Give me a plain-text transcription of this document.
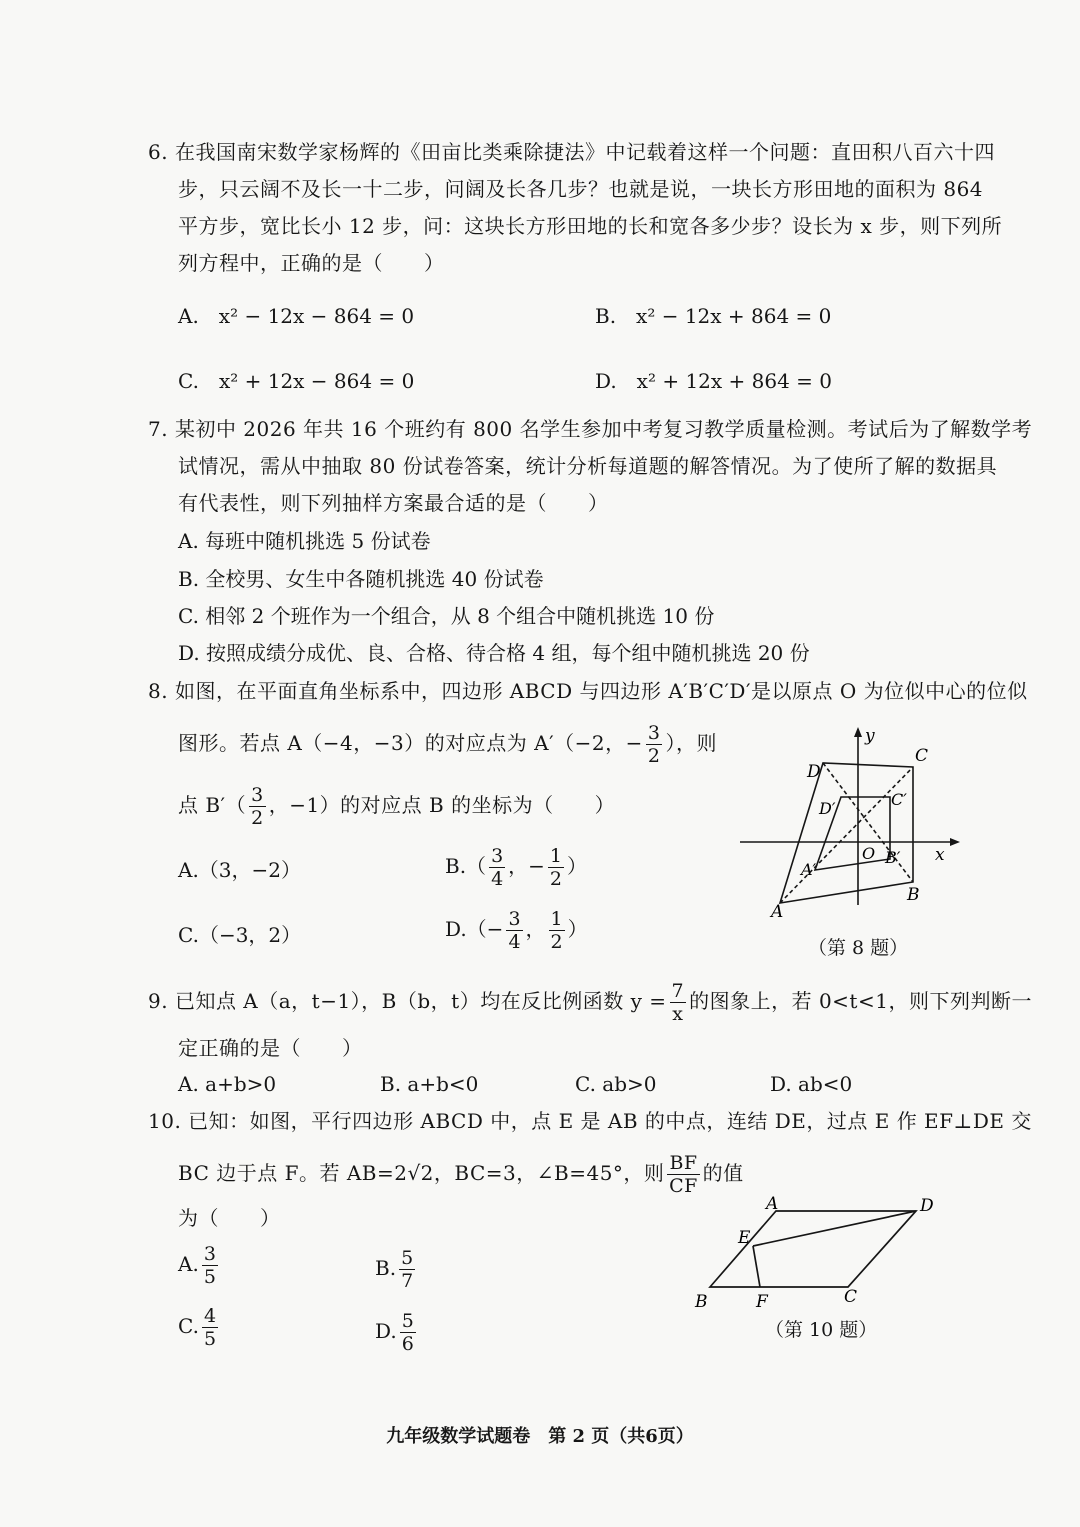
6. 在我国南宋数学家杨辉的《田亩比类乘除捷法》中记载着这样一个问题：直田积八百六十四
步，只云阔不及长一十二步，问阔及长各几步？也就是说，一块长方形田地的面积为 864
平方步，宽比长小 12 步，问：这块长方形田地的长和宽各多少步？设长为 x 步，则下列所
列方程中，正确的是（　　）
A.　x² − 12x − 864 = 0	B.　x² − 12x + 864 = 0
C.　x² + 12x − 864 = 0	D.　x² + 12x + 864 = 0
7. 某初中 2026 年共 16 个班约有 800 名学生参加中考复习教学质量检测。考试后为了解数学考
试情况，需从中抽取 80 份试卷答案，统计分析每道题的解答情况。为了使所了解的数据具
有代表性，则下列抽样方案最合适的是（　　）
A. 每班中随机挑选 5 份试卷
B. 全校男、女生中各随机挑选 40 份试卷
C. 相邻 2 个班作为一个组合，从 8 个组合中随机挑选 10 份
D. 按照成绩分成优、良、合格、待合格 4 组，每个组中随机挑选 20 份
8. 如图，在平面直角坐标系中，四边形 ABCD 与四边形 A′B′C′D′是以原点 O 为位似中心的位似
图形。若点 A（−4，−3）的对应点为 A′（−2，− $\frac{3}{2}$ ），则
点 $B'( \frac{3}{2}$ ，−1）的对应点 B 的坐标为（　　）
A.（3，−2）	$B.( \frac{3}{4}$ ，− $\frac{1}{2}$ ）
C.（−3，2）	$D.(- \frac{3}{4}$ ， $\frac{1}{2}$ ）
y
x
A
B
C
D
A′
B′
C′
D′
O
（第 8 题）
9. 已知点 A（a，t−1），B（b，t）均在反比例函数 $y = \frac{7}{x}$ 的图象上，若 0<t<1，则下列判断一
定正确的是（　　）
A. a+b>0	B. a+b<0	C. ab>0	D. ab<0
10. 已知：如图，平行四边形 ABCD 中，点 E 是 AB 的中点，连结 DE，过点 E 作 EF⊥DE 交
BC 边于点 F。若 AB=2√2，BC=3，∠B=45°，则 $\frac{BF}{CF}$ 的值
为（　　）
A. $\frac{3}{5}$	B. $\frac{5}{7}$
C. $\frac{4}{5}$	D. $\frac{5}{6}$
A
B	C
D
E
F
（第 10 题）
九年级数学试题卷　第 2 页（共6页）
